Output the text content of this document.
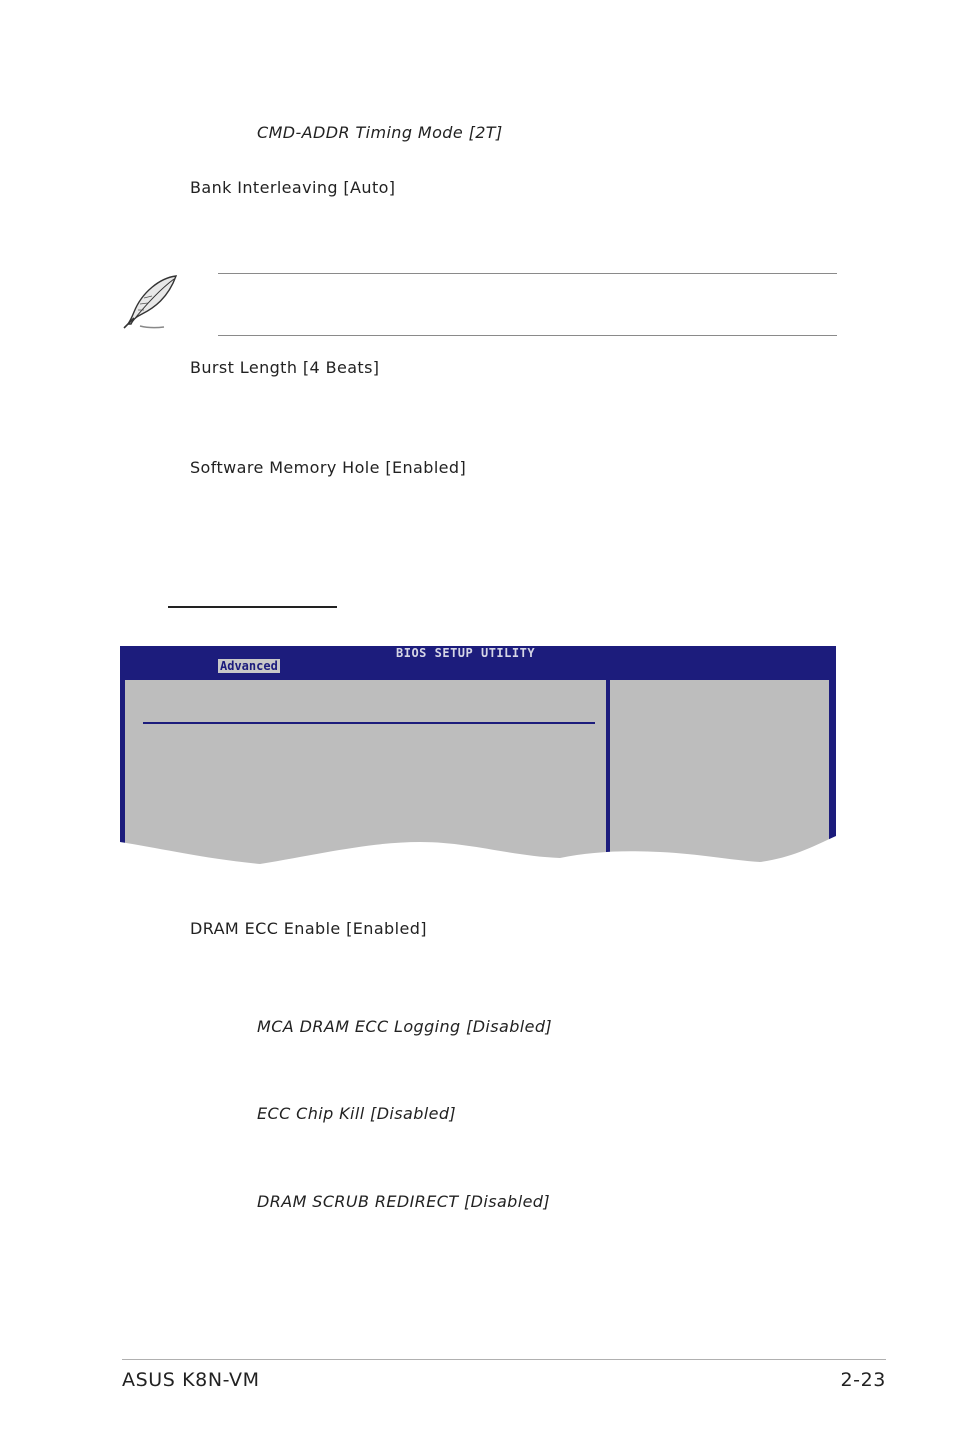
CMD-ADDR Timing Mode [2T]
Bank Interleaving [Auto]
Burst Length [4 Beats]
Software Memory Hole [Enabled]
BIOS SETUP UTILITY
Advanced
DRAM ECC Enable [Enabled]
MCA DRAM ECC Logging [Disabled]
ECC Chip Kill [Disabled]
DRAM SCRUB REDIRECT [Disabled]
ASUS K8N-VM	2-23
